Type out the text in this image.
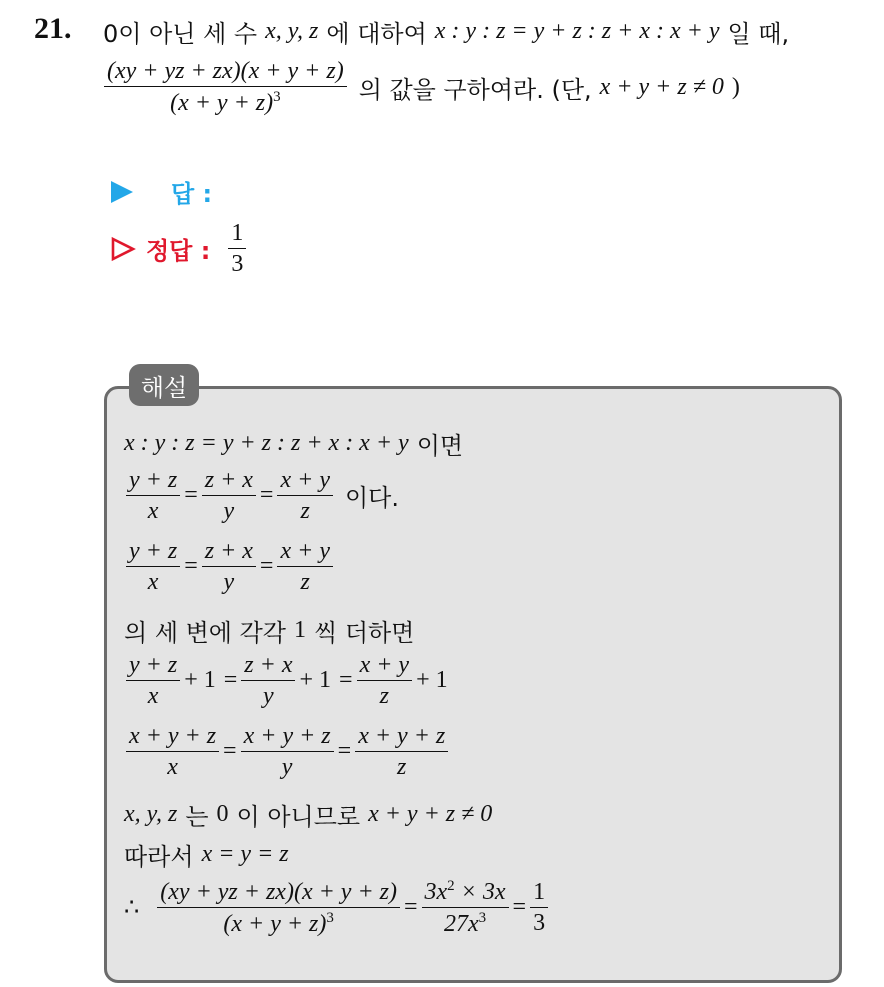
21. 0이 아닌 세 수 x, y, z 에 대하여 x : y : z = y + z : z + x : x + y 일 때,
$\frac{(xy + yz + zx)(x + y + z)}{(x + y + z)^3}$ 의 값을 구하여라. (단, x + y + z ≠ 0 )
답 :
정답 : $\frac{1}{3}$
해설
x : y : z = y + z : z + x : x + y 이면
$\frac{y + z}{x} = \frac{z + x}{y} = \frac{x + y}{z}$ 이다.
$\frac{y + z}{x} = \frac{z + x}{y} = \frac{x + y}{z}$
의 세 변에 각각 1 씩 더하면
$\frac{y + z}{x} + 1 = \frac{z + x}{y} + 1 = \frac{x + y}{z} + 1$
$\frac{x + y + z}{x} = \frac{x + y + z}{y} = \frac{x + y + z}{z}$
x, y, z 는 0 이 아니므로 x + y + z ≠ 0
따라서 x = y = z
∴ $\frac{(xy + yz + zx)(x + y + z)}{(x + y + z)^3} = \frac{3x^2 \times 3x}{27x^3} = \frac{1}{3}$
